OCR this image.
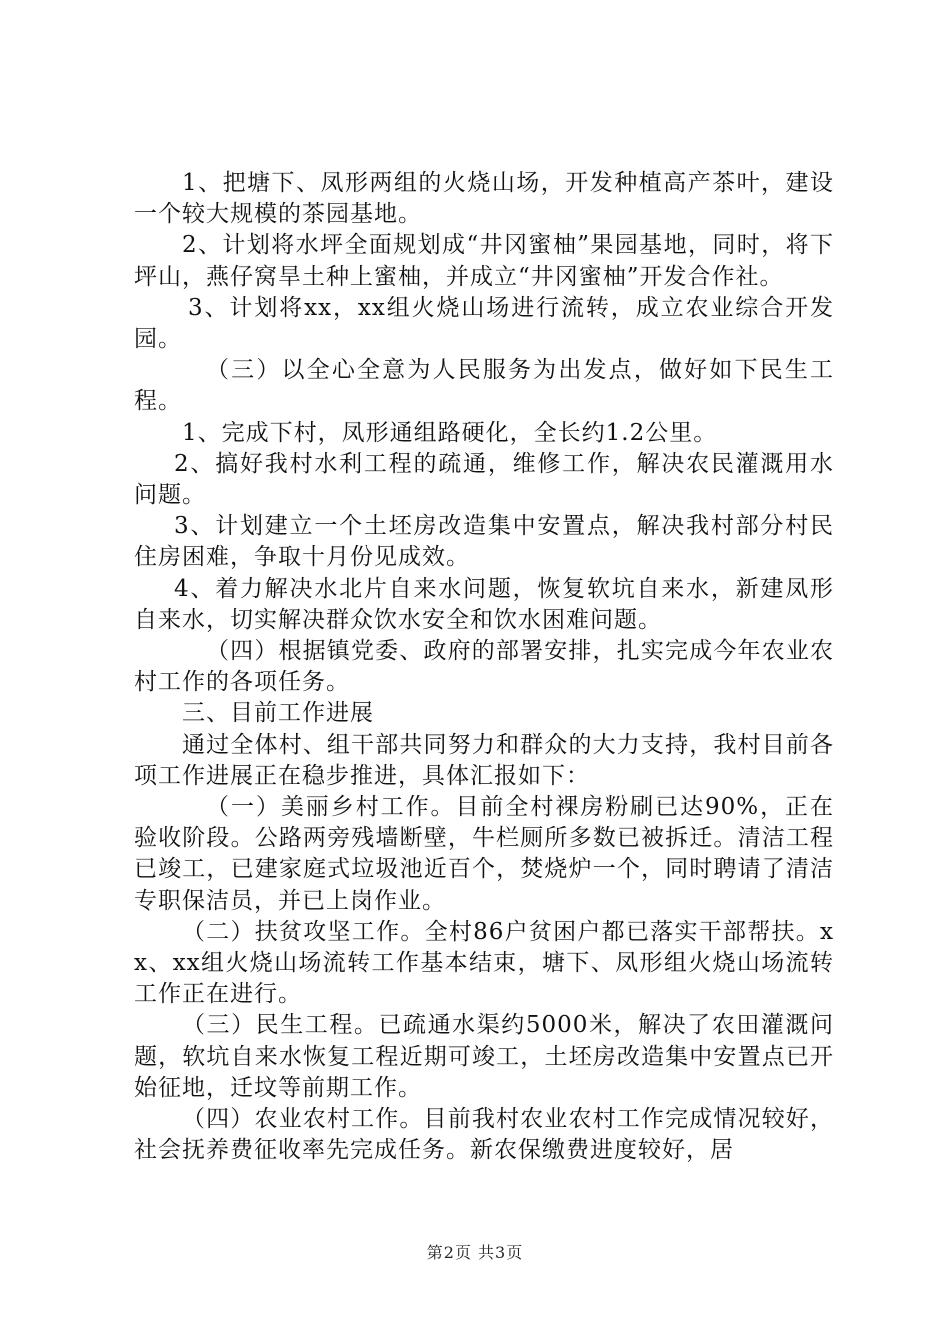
1、把塘下、凤形两组的火烧山场，开发种植高产茶叶，建设一个较大规模的茶园基地。

2、计划将水坪全面规划成“井冈蜜柚”果园基地，同时，将下坪山，燕仔窝旱土种上蜜柚，并成立“井冈蜜柚”开发合作社。

3、计划将xx，xx组火烧山场进行流转，成立农业综合开发园。

（三）以全心全意为人民服务为出发点，做好如下民生工程。

1、完成下村，凤形通组路硬化，全长约1.2公里。

2、搞好我村水利工程的疏通，维修工作，解决农民灌溉用水问题。

3、计划建立一个土坯房改造集中安置点，解决我村部分村民住房困难，争取十月份见成效。

4、着力解决水北片自来水问题，恢复软坑自来水，新建凤形自来水，切实解决群众饮水安全和饮水困难问题。

（四）根据镇党委、政府的部署安排，扎实完成今年农业农村工作的各项任务。

三、目前工作进展

通过全体村、组干部共同努力和群众的大力支持，我村目前各项工作进展正在稳步推进，具体汇报如下：

（一）美丽乡村工作。目前全村裸房粉刷已达90%，正在验收阶段。公路两旁残墙断壁，牛栏厕所多数已被拆迁。清洁工程已竣工，已建家庭式垃圾池近百个，焚烧炉一个，同时聘请了清洁专职保洁员，并已上岗作业。

（二）扶贫攻坚工作。全村86户贫困户都已落实干部帮扶。xx、xx组火烧山场流转工作基本结束，塘下、凤形组火烧山场流转工作正在进行。

（三）民生工程。已疏通水渠约5000米，解决了农田灌溉问题，软坑自来水恢复工程近期可竣工，土坯房改造集中安置点已开始征地，迁坟等前期工作。

（四）农业农村工作。目前我村农业农村工作完成情况较好，社会抚养费征收率先完成任务。新农保缴费进度较好，居

第2页 共3页
